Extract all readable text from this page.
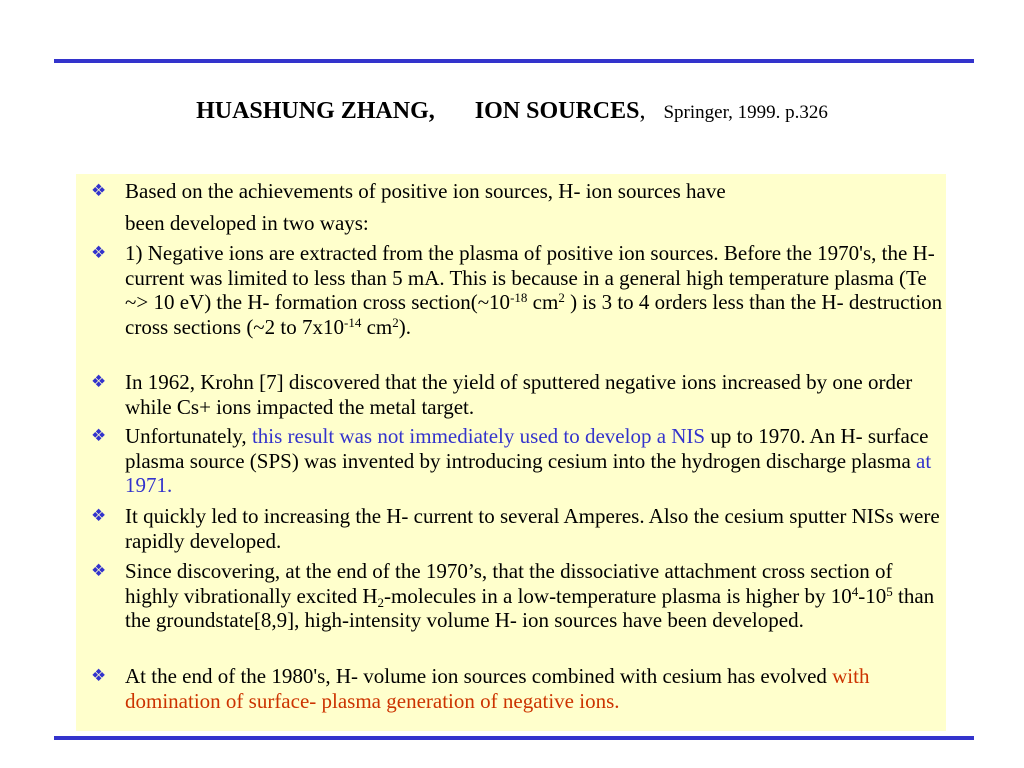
HUASHUNG ZHANG, ION SOURCES, Springer, 1999. p.326
❖ Based on the achievements of positive ion sources, H- ion sources have
been developed in two ways:
❖ 1) Negative ions are extracted from the plasma of positive ion sources. Before the 1970's, the H- current was limited to less than 5 mA. This is because in a general high temperature plasma (Te ~> 10 eV) the H- formation cross $section(\sim 10^{-18}$ $cm^2$ ) is 3 to 4 orders less than the H- destruction cross sections (~2 to $7x10^{-14}$ $cm^2$).
❖ In 1962, Krohn [7] discovered that the yield of sputtered negative ions increased by one order while Cs+ ions impacted the metal target.
❖ Unfortunately, this result was not immediately used to develop a NIS up to 1970. An H- surface plasma source (SPS) was invented by introducing cesium into the hydrogen discharge plasma at 1971.
❖ It quickly led to increasing the H- current to several Amperes. Also the cesium sputter NISs were rapidly developed.
❖ Since discovering, at the end of the 1970’s, that the dissociative attachment cross section of highly vibrationally excited $H_2$-molecules in a low-temperature plasma is higher by $10^4-10^5$ than the groundstate[8,9], high-intensity volume H- ion sources have been developed.
❖ At the end of the 1980's, H- volume ion sources combined with cesium has evolved with domination of surface- plasma generation of negative ions.
